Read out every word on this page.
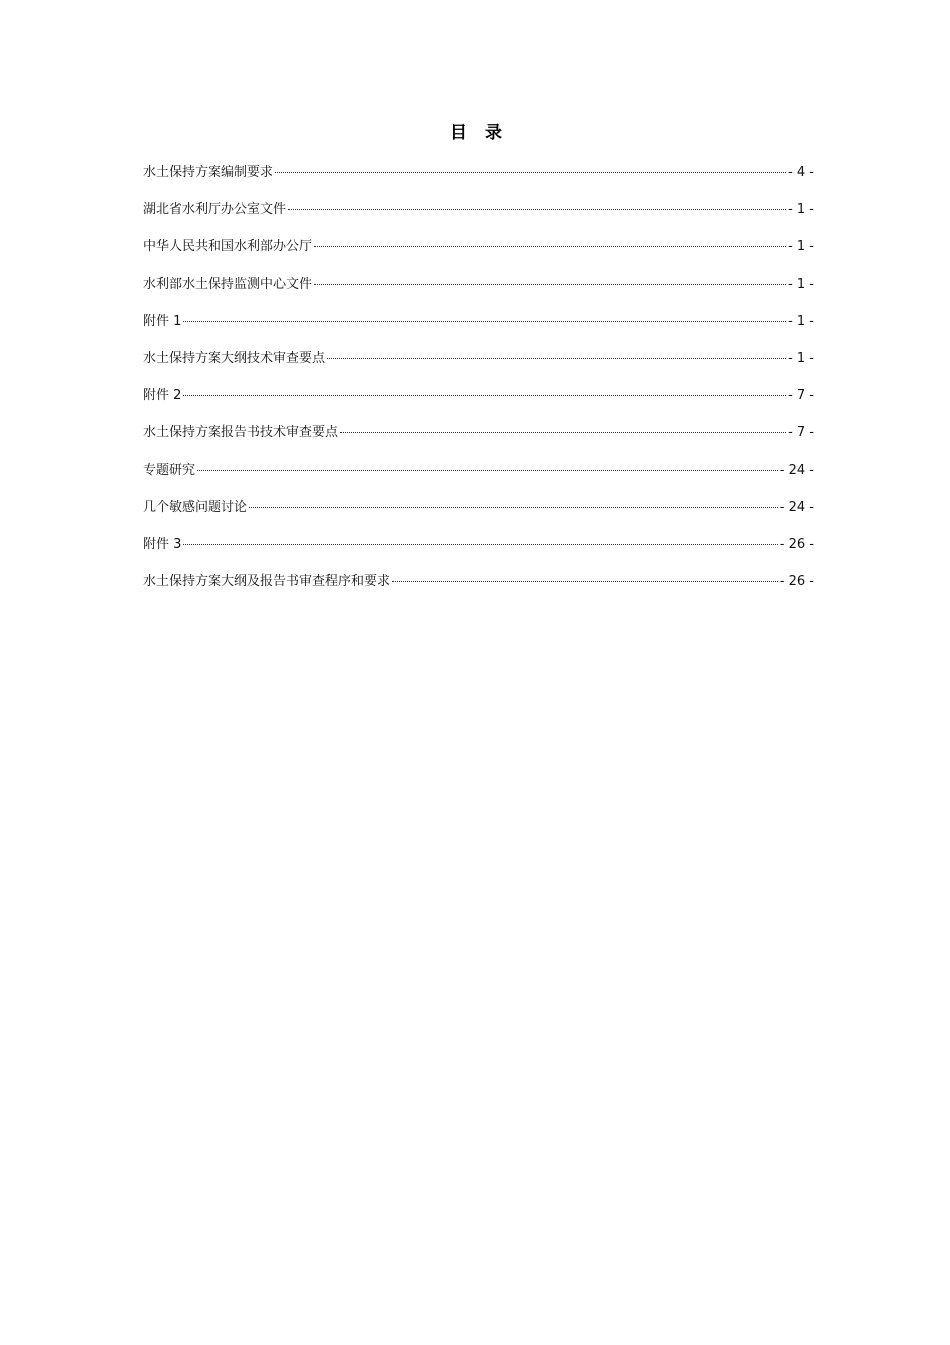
目 录
水土保持方案编制要求	- 4 -
湖北省水利厅办公室文件	- 1 -
中华人民共和国水利部办公厅	- 1 -
水利部水土保持监测中心文件	- 1 -
附件 1	- 1 -
水土保持方案大纲技术审查要点	- 1 -
附件 2	- 7 -
水土保持方案报告书技术审查要点	- 7 -
专题研究	- 24 -
几个敏感问题讨论	- 24 -
附件 3	- 26 -
水土保持方案大纲及报告书审查程序和要求	- 26 -
